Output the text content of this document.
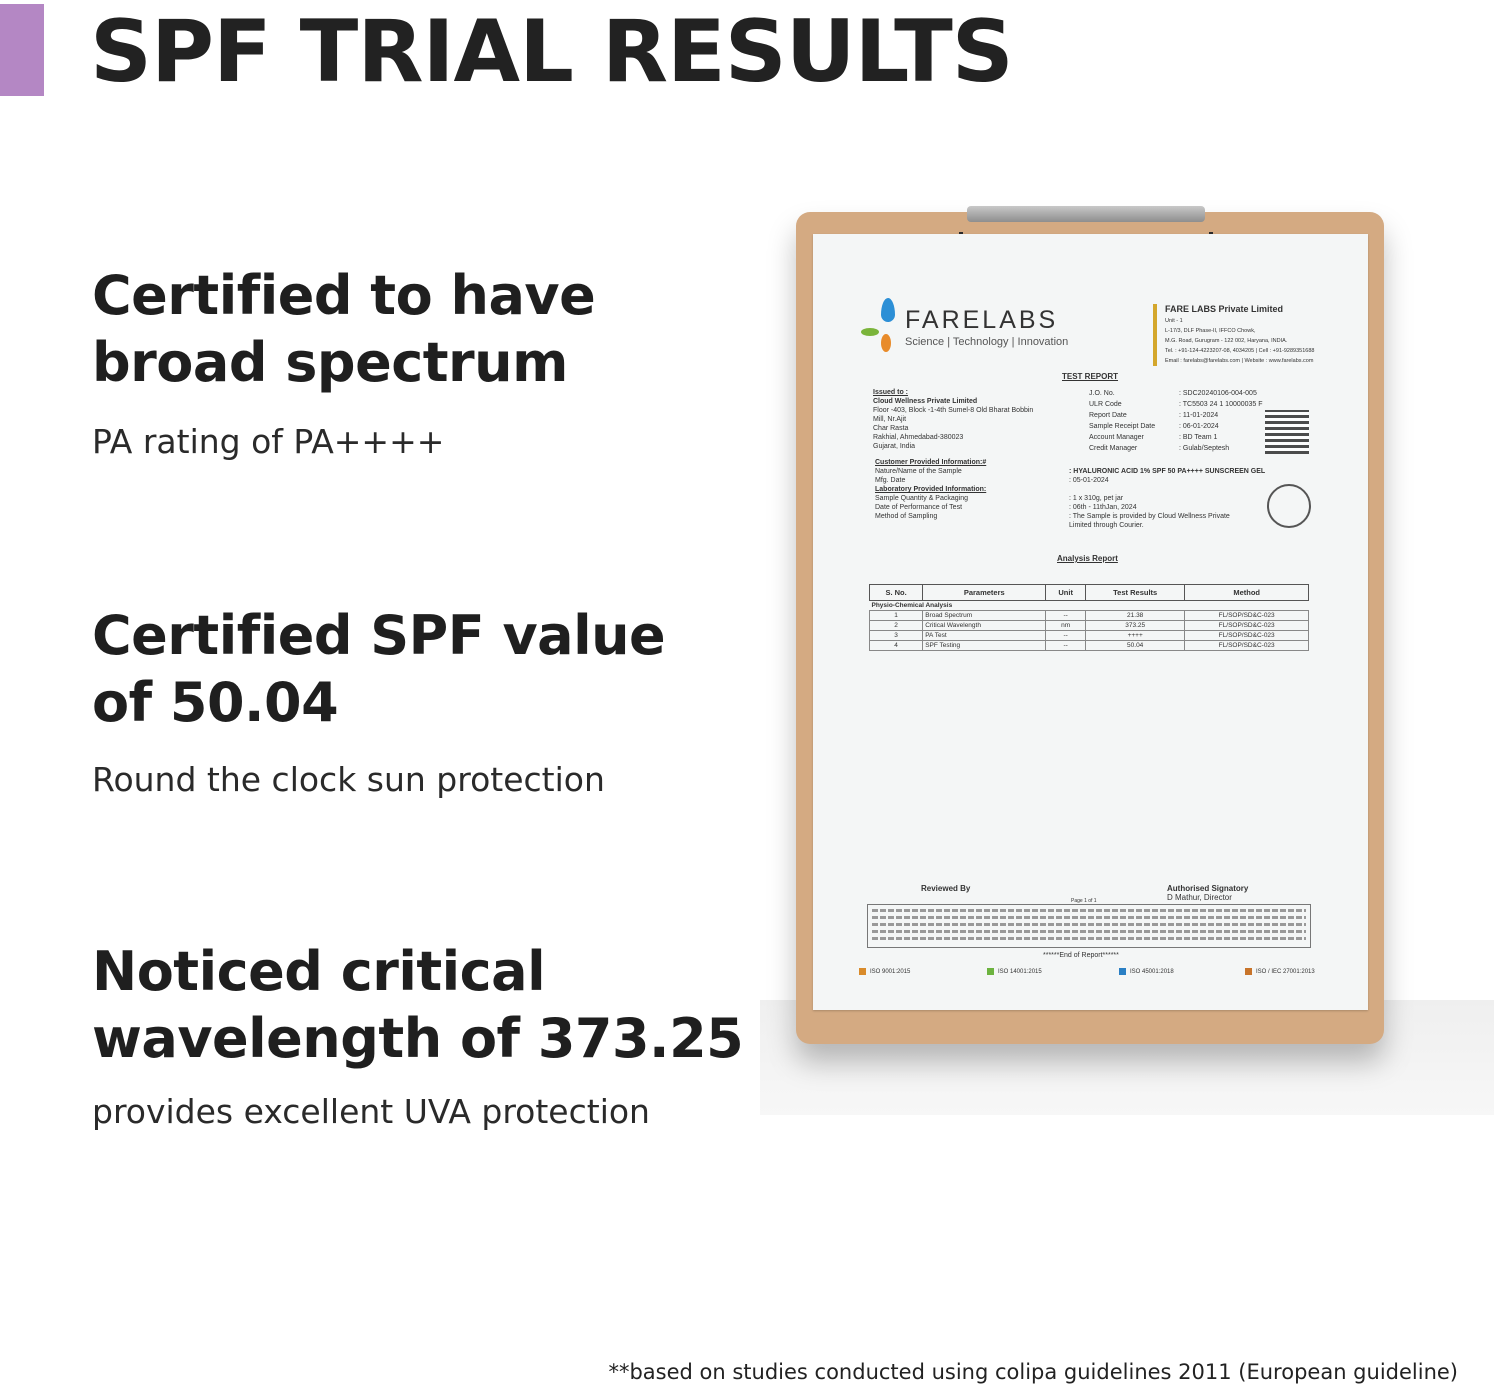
SPF TRIAL RESULTS
Certified to have
broad spectrum

PA rating of PA++++

Certified SPF value
of 50.04

Round the clock sun protection

Noticed critical
wavelength of 373.25

provides excellent UVA protection

FARELABS
Science | Technology | Innovation
FARE LABS Private Limited
Unit - 1
L-17/3, DLF Phase-II, IFFCO Chowk,
M.G. Road, Gurugram - 122 002, Haryana, INDIA.
Tel. : +91-124-4223207-08, 4034205 | Cell : +91-9289351688
Email : farelabs@farelabs.com | Website : www.farelabs.com
TEST REPORT
Issued to :
Cloud Wellness Private Limited
Floor -403, Block -1-4th Sumel-8 Old Bharat Bobbin
Mill, Nr.Ajit
Char Rasta
Rakhial, Ahmedabad-380023
Gujarat, India
J.O. No.	: SDC20240106-004-005
ULR Code	: TC5503 24 1 10000035 F
Report Date	: 11-01-2024
Sample Receipt Date	: 06-01-2024
Account Manager	: BD Team 1
Credit Manager	: Gulab/Septesh
Customer Provided Information:#
Nature/Name of the Sample	: HYALURONIC ACID 1% SPF 50 PA++++ SUNSCREEN GEL
Mfg. Date	: 05-01-2024
Laboratory Provided Information:
Sample Quantity & Packaging	: 1 x 310g, pet jar
Date of Performance of Test	: 06th - 11thJan, 2024
Method of Sampling	: The Sample is provided by Cloud Wellness Private Limited through Courier.
Analysis Report
S. No.	Parameters	Unit	Test Results	Method
Physio-Chemical Analysis				
1	Broad Spectrum	--	21.38	FL/SOP/SD&C-023
2	Critical Wavelength	nm	373.25	FL/SOP/SD&C-023
3	PA Test	--	++++	FL/SOP/SD&C-023
4	SPF Testing	--	50.04	FL/SOP/SD&C-023
Reviewed By	Authorised Signatory
D Mathur, Director
Page 1 of 1
******End of Report******
ISO 9001:2015	ISO 14001:2015	ISO 45001:2018	ISO / IEC 27001:2013
**based on studies conducted using colipa guidelines 2011 (European guideline)
